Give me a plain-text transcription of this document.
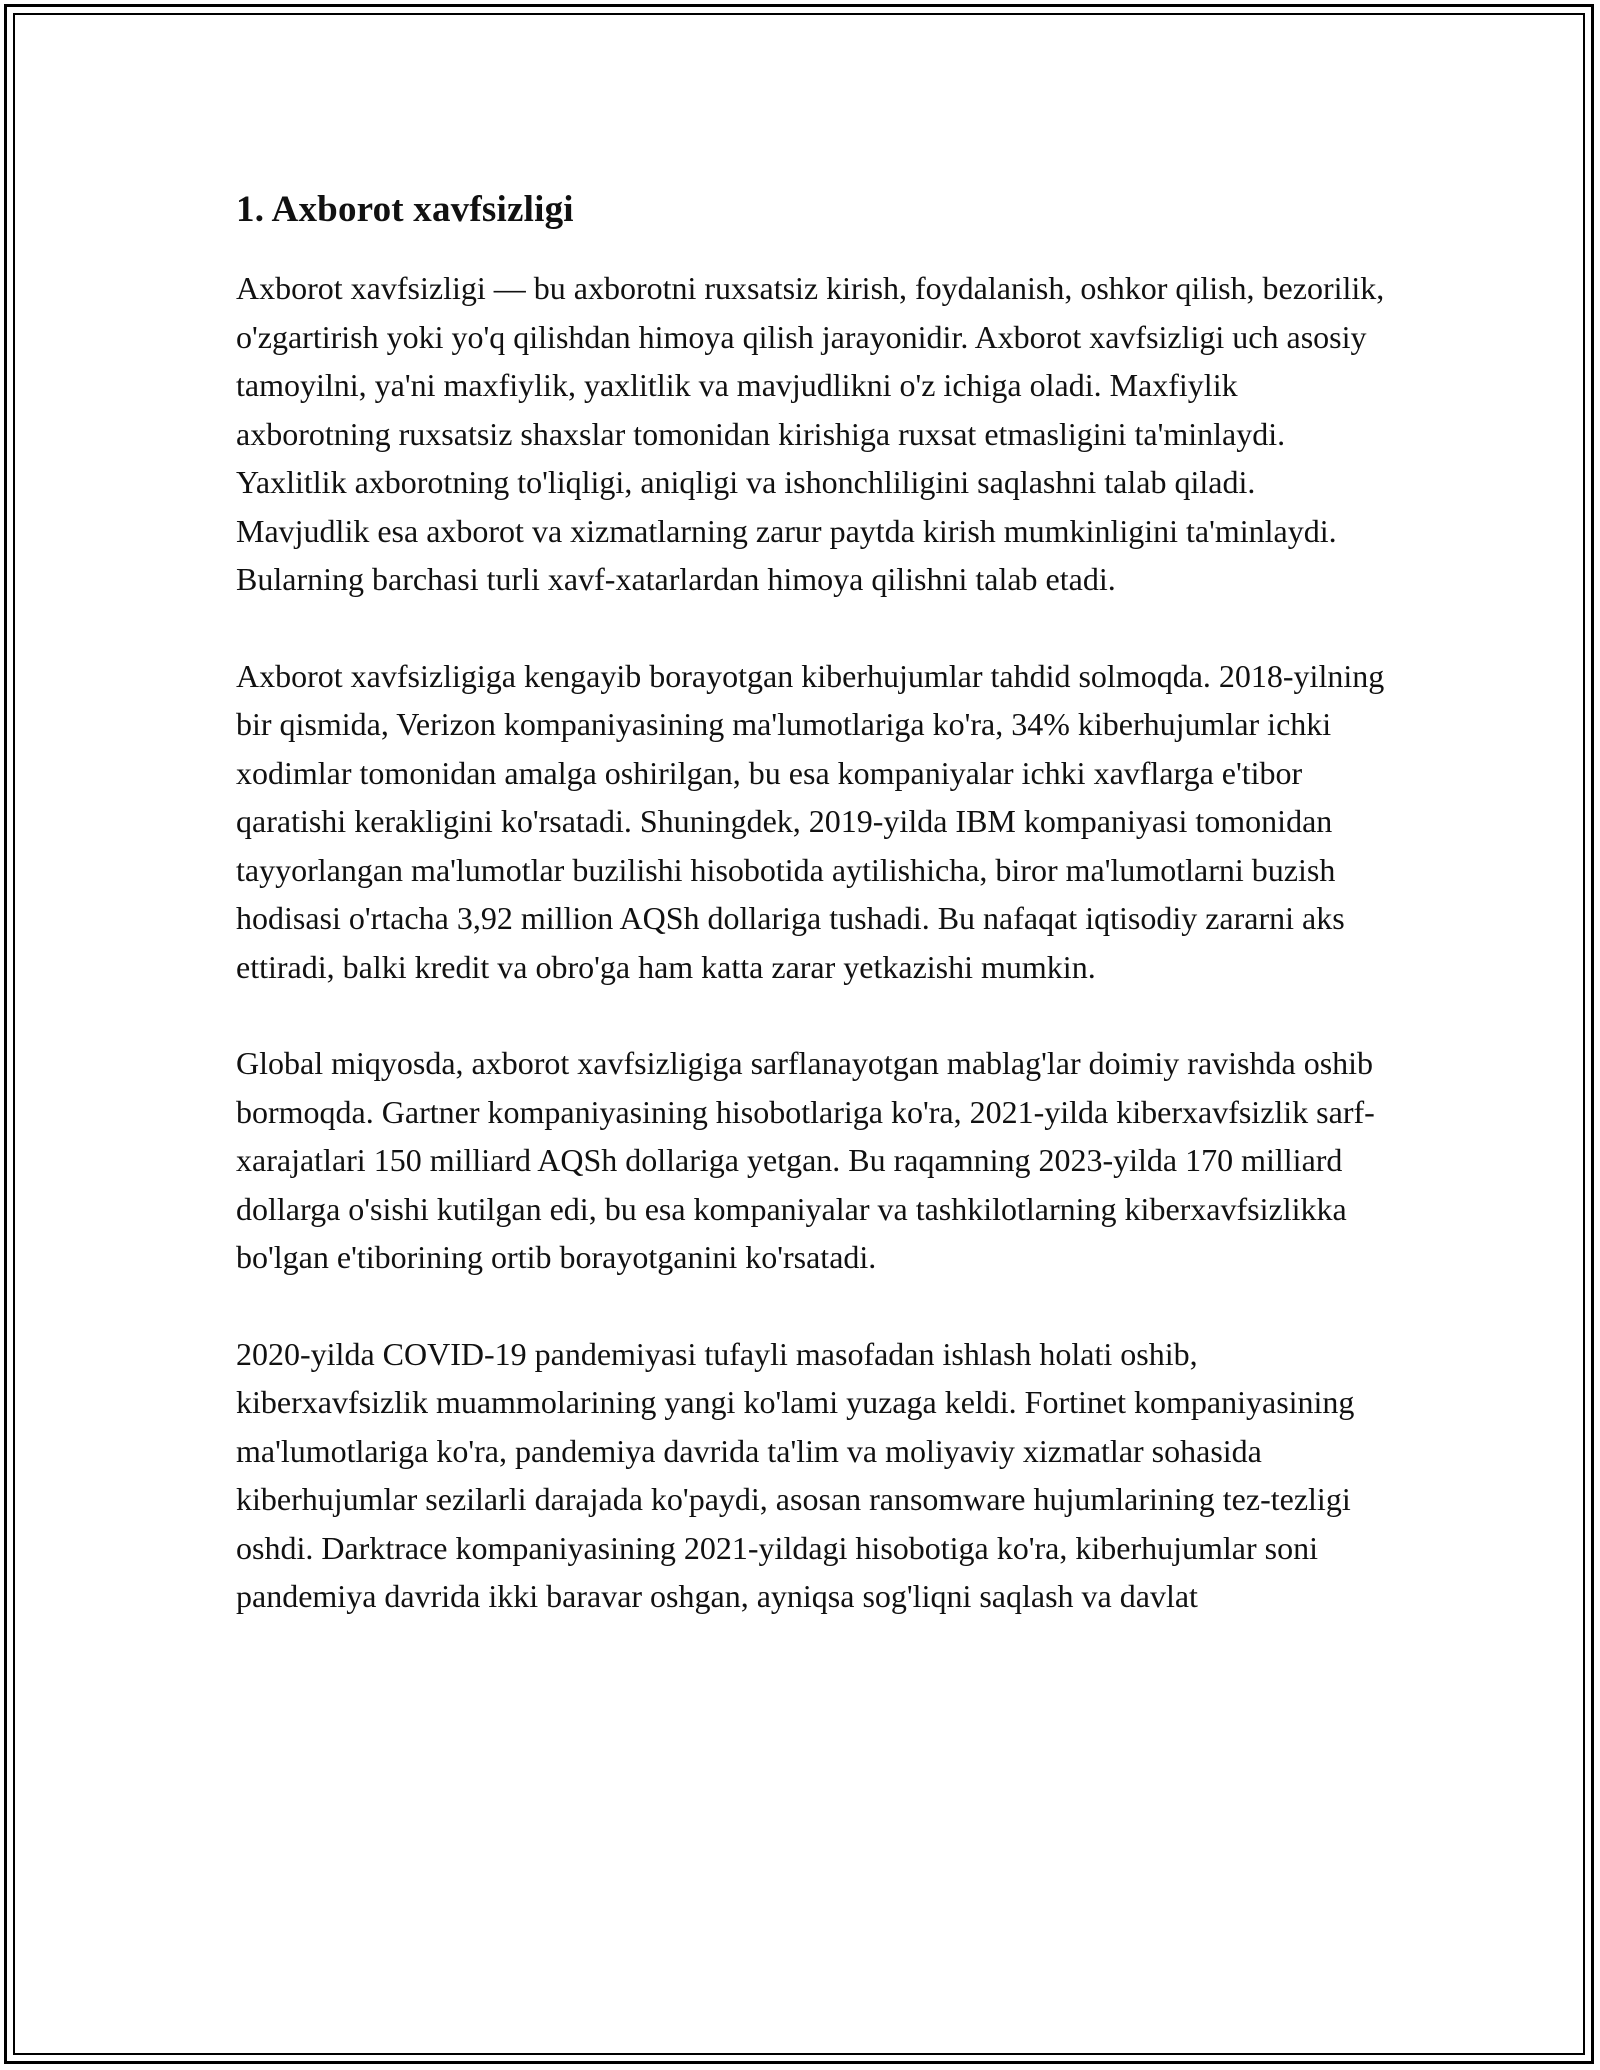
1. Axborot xavfsizligi

Axborot xavfsizligi — bu axborotni ruxsatsiz kirish, foydalanish, oshkor qilish, bezorilik, o'zgartirish yoki yo'q qilishdan himoya qilish jarayonidir. Axborot xavfsizligi uch asosiy tamoyilni, ya'ni maxfiylik, yaxlitlik va mavjudlikni o'z ichiga oladi. Maxfiylik axborotning ruxsatsiz shaxslar tomonidan kirishiga ruxsat etmasligini ta'minlaydi. Yaxlitlik axborotning to'liqligi, aniqligi va ishonchliligini saqlashni talab qiladi. Mavjudlik esa axborot va xizmatlarning zarur paytda kirish mumkinligini ta'minlaydi. Bularning barchasi turli xavf-xatarlardan himoya qilishni talab etadi.

Axborot xavfsizligiga kengayib borayotgan kiberhujumlar tahdid solmoqda. 2018-yilning bir qismida, Verizon kompaniyasining ma'lumotlariga ko'ra, 34% kiberhujumlar ichki xodimlar tomonidan amalga oshirilgan, bu esa kompaniyalar ichki xavflarga e'tibor qaratishi kerakligini ko'rsatadi. Shuningdek, 2019-yilda IBM kompaniyasi tomonidan tayyorlangan ma'lumotlar buzilishi hisobotida aytilishicha, biror ma'lumotlarni buzish hodisasi o'rtacha 3,92 million AQSh dollariga tushadi. Bu nafaqat iqtisodiy zararni aks ettiradi, balki kredit va obro'ga ham katta zarar yetkazishi mumkin.

Global miqyosda, axborot xavfsizligiga sarflanayotgan mablag'lar doimiy ravishda oshib bormoqda. Gartner kompaniyasining hisobotlariga ko'ra, 2021-yilda kiberxavfsizlik sarf-xarajatlari 150 milliard AQSh dollariga yetgan. Bu raqamning 2023-yilda 170 milliard dollarga o'sishi kutilgan edi, bu esa kompaniyalar va tashkilotlarning kiberxavfsizlikka bo'lgan e'tiborining ortib borayotganini ko'rsatadi.

2020-yilda COVID-19 pandemiyasi tufayli masofadan ishlash holati oshib, kiberxavfsizlik muammolarining yangi ko'lami yuzaga keldi. Fortinet kompaniyasining ma'lumotlariga ko'ra, pandemiya davrida ta'lim va moliyaviy xizmatlar sohasida kiberhujumlar sezilarli darajada ko'paydi, asosan ransomware hujumlarining tez-tezligi oshdi. Darktrace kompaniyasining 2021-yildagi hisobotiga ko'ra, kiberhujumlar soni pandemiya davrida ikki baravar oshgan, ayniqsa sog'liqni saqlash va davlat
